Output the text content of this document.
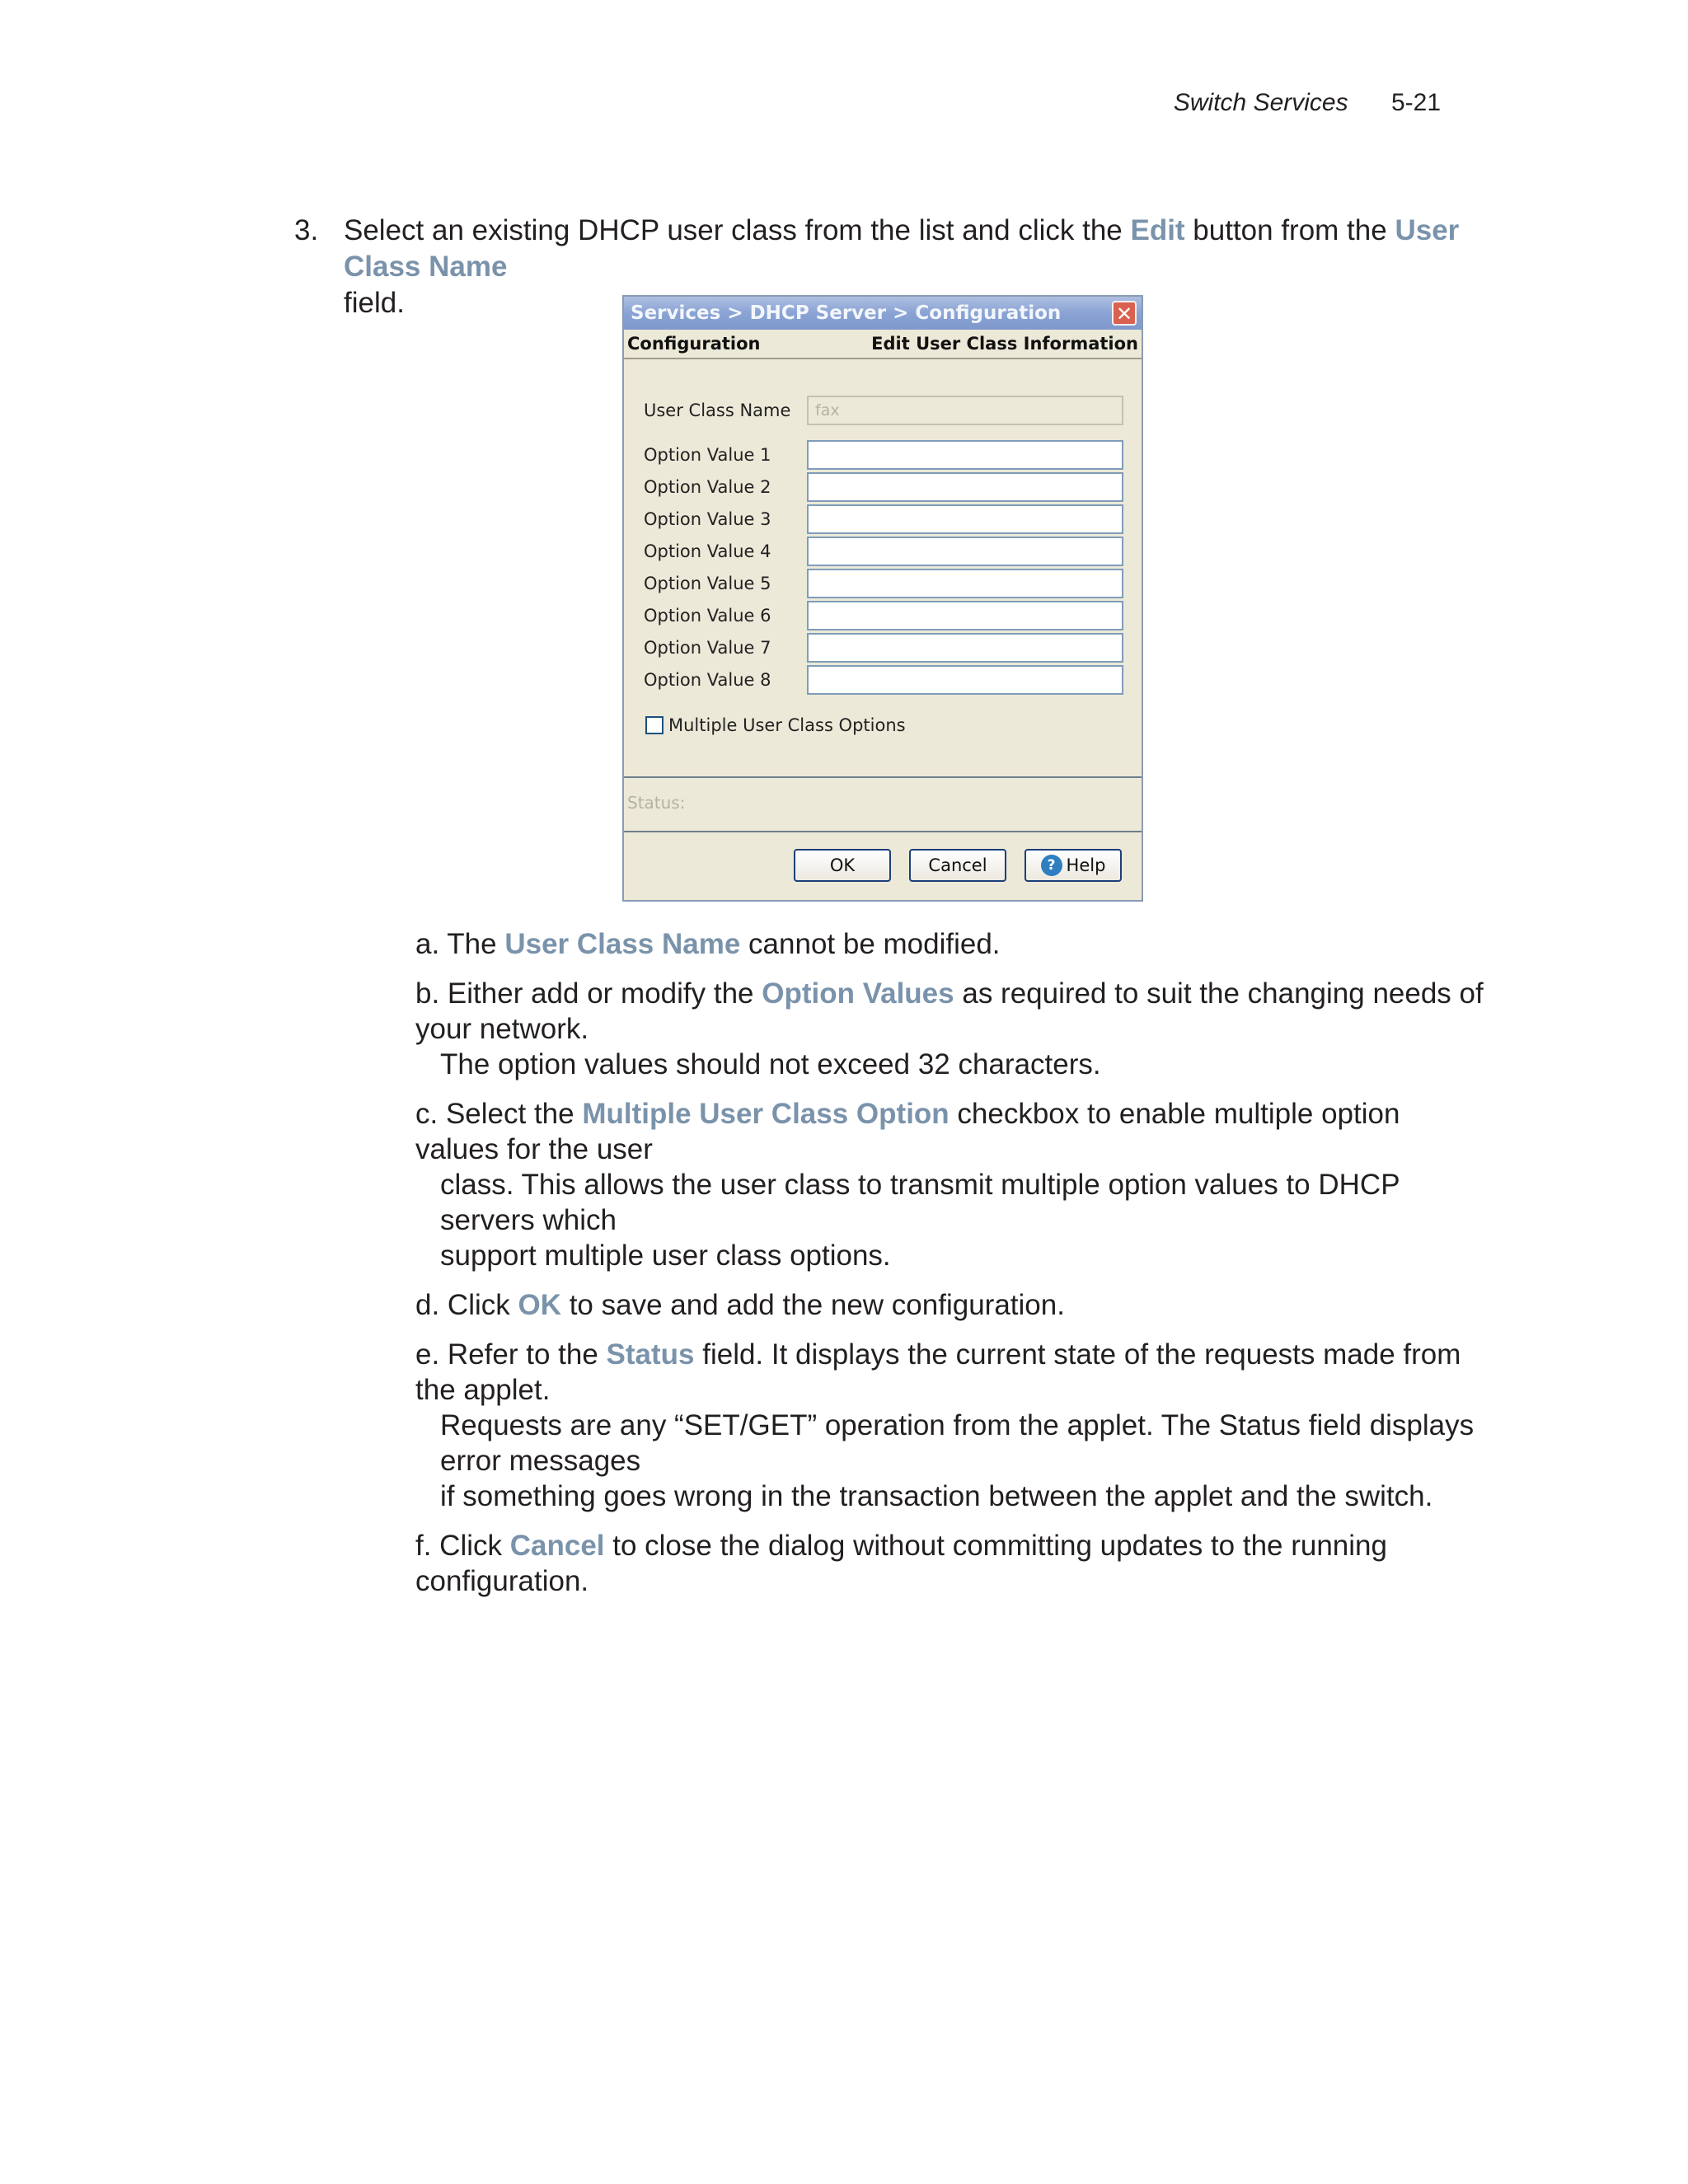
Switch Services 5-21
3. Select an existing DHCP user class from the list and click the Edit button from the User Class Name
field.	Services > DHCP Server > Configuration	✕
Configuration	Edit User Class Information
User Class Name	fax
Option Value 1
Option Value 2
Option Value 3
Option Value 4
Option Value 5
Option Value 6
Option Value 7
Option Value 8
Multiple User Class Options
Status:
OK	Cancel	? Help
a. The User Class Name cannot be modified.
b. Either add or modify the Option Values as required to suit the changing needs of your network.
The option values should not exceed 32 characters.
c. Select the Multiple User Class Option checkbox to enable multiple option values for the user
class. This allows the user class to transmit multiple option values to DHCP servers which
support multiple user class options.
d. Click OK to save and add the new configuration.
e. Refer to the Status field. It displays the current state of the requests made from the applet.
Requests are any “SET/GET” operation from the applet. The Status field displays error messages
if something goes wrong in the transaction between the applet and the switch.
f. Click Cancel to close the dialog without committing updates to the running configuration.
